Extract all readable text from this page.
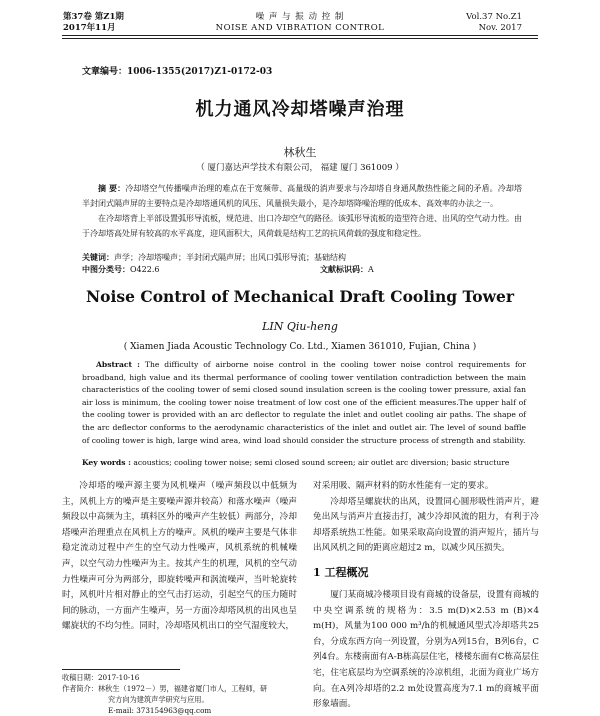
第37卷 第Z1期
2017年11月
噪 声 与 振 动 控 制
NOISE AND VIBRATION CONTROL
Vol.37 No.Z1
Nov. 2017
文章编号：1006-1355(2017)Z1-0172-03
机力通风冷却塔噪声治理
林秋生
（ 厦门嘉达声学技术有限公司， 福建 厦门 361009 ）

摘 要：冷却塔空气传播噪声治理的难点在于宽频带、高量级的消声要求与冷却塔自身通风散热性能之间的矛盾。冷却塔半封闭式隔声屏的主要特点是冷却塔通风机的风压、风量损失最小，是冷却塔降噪治理的低成本、高效率的办法之一。

在冷却塔背上半部设置弧形导流板，规范进、出口冷却空气的路径。该弧形导流板的造型符合进、出风的空气动力性。由于冷却塔高处屏有较高的水平高度，迎风面积大，风荷载是结构工艺的抗风荷载的强度和稳定性。

关键词：声学；冷却塔噪声；半封闭式隔声屏；出风口弧形导流；基础结构
中图分类号：O422.6	文献标识码：A
Noise Control of Mechanical Draft Cooling Tower
LIN Qiu-heng
( Xiamen Jiada Acoustic Technology Co. Ltd., Xiamen 361010, Fujian, China )
Abstract : The difficulty of airborne noise control in the cooling tower noise control requirements for broadband, high value and its thermal performance of cooling tower ventilation contradiction between the main characteristics of the cooling tower of semi closed sound insulation screen is the cooling tower pressure, axial fan air loss is minimum, the cooling tower noise treatment of low cost one of the efficient measures.The upper half of the cooling tower is provided with an arc deflector to regulate the inlet and outlet cooling air paths. The shape of the arc deflector conforms to the aerodynamic characteristics of the inlet and outlet air. The level of sound baffle of cooling tower is high, large wind area, wind load should consider the structure process of strength and stability.
Key words : acoustics; cooling tower noise; semi closed sound screen; air outlet arc diversion; basic structure

冷却塔的噪声源主要为风机噪声（噪声频段以中低频为主，风机上方的噪声是主要噪声源并较高）和落水噪声（噪声频段以中高频为主，填料区外的噪声产生较低）两部分，冷却塔噪声治理重点在风机上方的噪声。风机的噪声主要是气体非稳定流动过程中产生的空气动力性噪声，风机系统的机械噪声，以空气动力性噪声为主。按其产生的机理，风机的空气动力性噪声可分为两部分，即旋转噪声和涡流噪声，当叶轮旋转时，风机叶片相对静止的空气击打运动，引起空气的压力随时间的脉动，一方面产生噪声，另一方面冷却塔风机的出风也呈螺旋状的不均匀性。同时，冷却塔风机出口的空气湿度较大，

对采用吸、隔声材料的防水性能有一定的要求。

冷却塔呈螺旋状的出风，设置同心圆形吸性消声片，避免出风与消声片直接击打，减少冷却风流的阻力，有利于冷却塔系统热工性能。如果采取高向设置的消声短片，插片与出风风机之间的距离应超过2 m，以减少风压损失。

1 工程概况

厦门某商城冷楼项目设有商城的设备层，设置有商城的中央空调系统的规格为：3.5 m(D)×2.53 m (B)×4 m(H)，风量为100 000 m³/h的机械通风型式冷却塔共25台，分成东西方向一列设置，分别为A列15台，B列6台，C列4台。东楼南面有A-B栋高层住宅，楼楼东面有C栋高层住宅，住宅底层均为空调系统的冷凉机组，北面为商业广场方向。在A列冷却塔的2.2 m处设置高度为7.1 m的商城平面形象墙面。

收稿日期：2017-10-16
作者简介：林秋生（1972－）男，福建省厦门市人，工程师，研
究方向为建筑声学研究与应用。
E-mail: 373154963@qq.com
